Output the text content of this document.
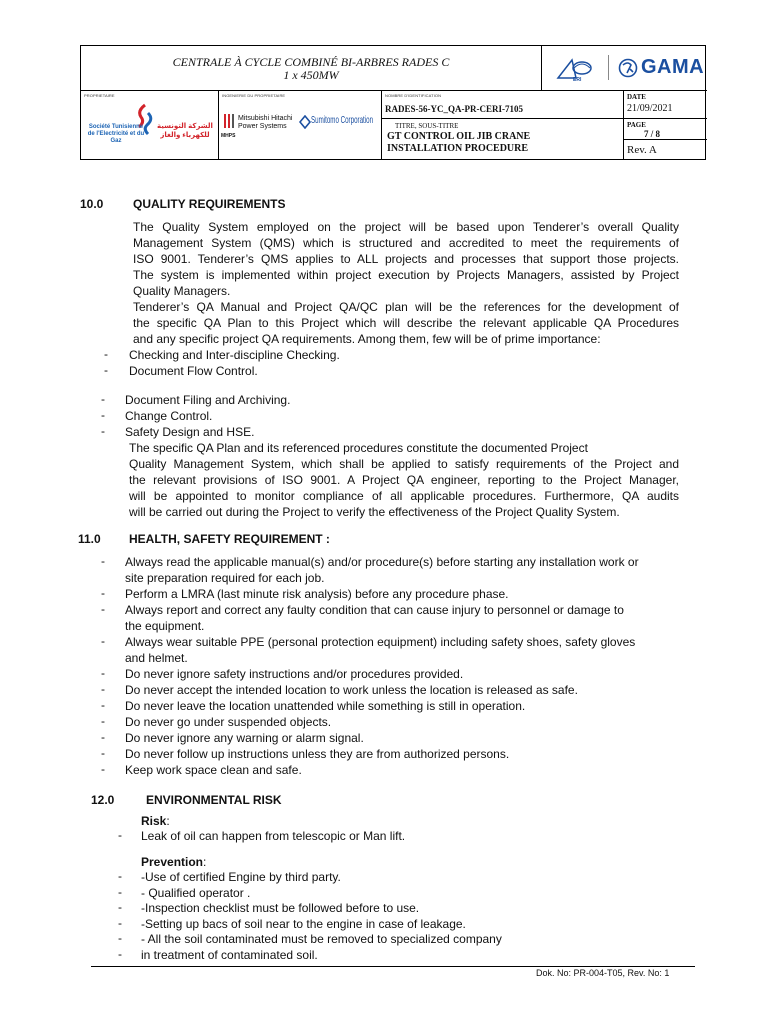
CENTRALE À CYCLE COMBINÉ BI-ARBRES RADES C
1 x 450MW	ERI
GAMA
PROPRIETAIRE
Société Tunisienne
de l'Electricité et du Gaz
الشركة التونسية
للكهرباء والغاز
INGENIERIE DU PROPRIETAIRE
MHPS
Mitsubishi Hitachi
Power Systems
Sumitomo Corporation
NOMBRE D'IDENTIFICATION
RADES-56-YC_QA-PR-CERI-7105
DATE
21/09/2021
TITRE, SOUS-TITRE
GT CONTROL OIL JIB CRANE
INSTALLATION PROCEDURE
PAGE
7 / 8
Rev. A
10.0 QUALITY REQUIREMENTS
The Quality System employed on the project will be based upon Tenderer’s overall Quality
Management System (QMS) which is structured and accredited to meet the requirements of
ISO 9001. Tenderer’s QMS applies to ALL projects and processes that support those projects.
The system is implemented within project execution by Projects Managers, assisted by Project
Quality Managers.
Tenderer’s QA Manual and Project QA/QC plan will be the references for the development of
the specific QA Plan to this Project which will describe the relevant applicable QA Procedures
and any specific project QA requirements. Among them, few will be of prime importance:
- Checking and Inter-discipline Checking.
- Document Flow Control.
- Document Filing and Archiving.
- Change Control.
- Safety Design and HSE.
The specific QA Plan and its referenced procedures constitute the documented Project
Quality Management System, which shall be applied to satisfy requirements of the Project and
the relevant provisions of ISO 9001. A Project QA engineer, reporting to the Project Manager,
will be appointed to monitor compliance of all applicable procedures. Furthermore, QA audits
will be carried out during the Project to verify the effectiveness of the Project Quality System.
11.0 HEALTH, SAFETY REQUIREMENT :
- Always read the applicable manual(s) and/or procedure(s) before starting any installation work or
site preparation required for each job.
- Perform a LMRA (last minute risk analysis) before any procedure phase.
- Always report and correct any faulty condition that can cause injury to personnel or damage to
the equipment.
- Always wear suitable PPE (personal protection equipment) including safety shoes, safety gloves
and helmet.
- Do never ignore safety instructions and/or procedures provided.
- Do never accept the intended location to work unless the location is released as safe.
- Do never leave the location unattended while something is still in operation.
- Do never go under suspended objects.
- Do never ignore any warning or alarm signal.
- Do never follow up instructions unless they are from authorized persons.
- Keep work space clean and safe.
12.0	ENVIRONMENTAL RISK
Risk:
- Leak of oil can happen from telescopic or Man lift.
Prevention:
- -Use of certified Engine by third party.
- - Qualified operator .
- -Inspection checklist must be followed before to use.
- -Setting up bacs of soil near to the engine in case of leakage.
- - All the soil contaminated must be removed to specialized company
- in treatment of contaminated soil.
Dok. No: PR-004-T05, Rev. No: 1
